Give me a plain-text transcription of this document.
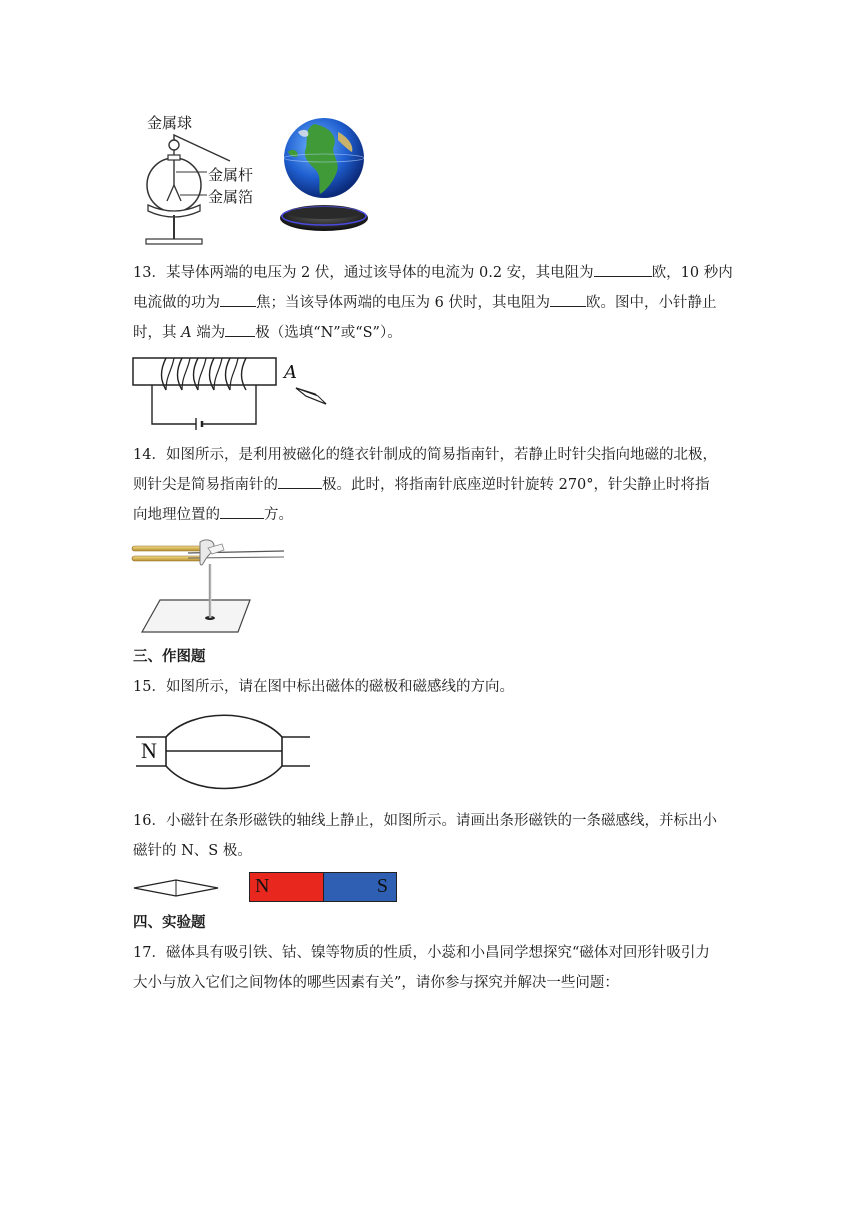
金属球
金属杆
金属箔
13．某导体两端的电压为 2 伏，通过该导体的电流为 0.2 安，其电阻为	欧，10 秒内
电流做的功为 焦；当该导体两端的电压为 6 伏时，其电阻为 欧。图中，小针静止
时，其 A 端为 极（选填“N”或“S”）。
A
14．如图所示，是利用被磁化的缝衣针制成的简易指南针，若静止时针尖指向地磁的北极，
则针尖是简易指南针的	极。此时，将指南针底座逆时针旋转 270°，针尖静止时将指
向地理位置的	方。
三、作图题
15．如图所示，请在图中标出磁体的磁极和磁感线的方向。
N
16．小磁针在条形磁铁的轴线上静止，如图所示。请画出条形磁铁的一条磁感线，并标出小
磁针的 N、S 极。
N	S
四、实验题
17．磁体具有吸引铁、钴、镍等物质的性质，小蕊和小昌同学想探究“磁体对回形针吸引力
大小与放入它们之间物体的哪些因素有关”，请你参与探究并解决一些问题：
